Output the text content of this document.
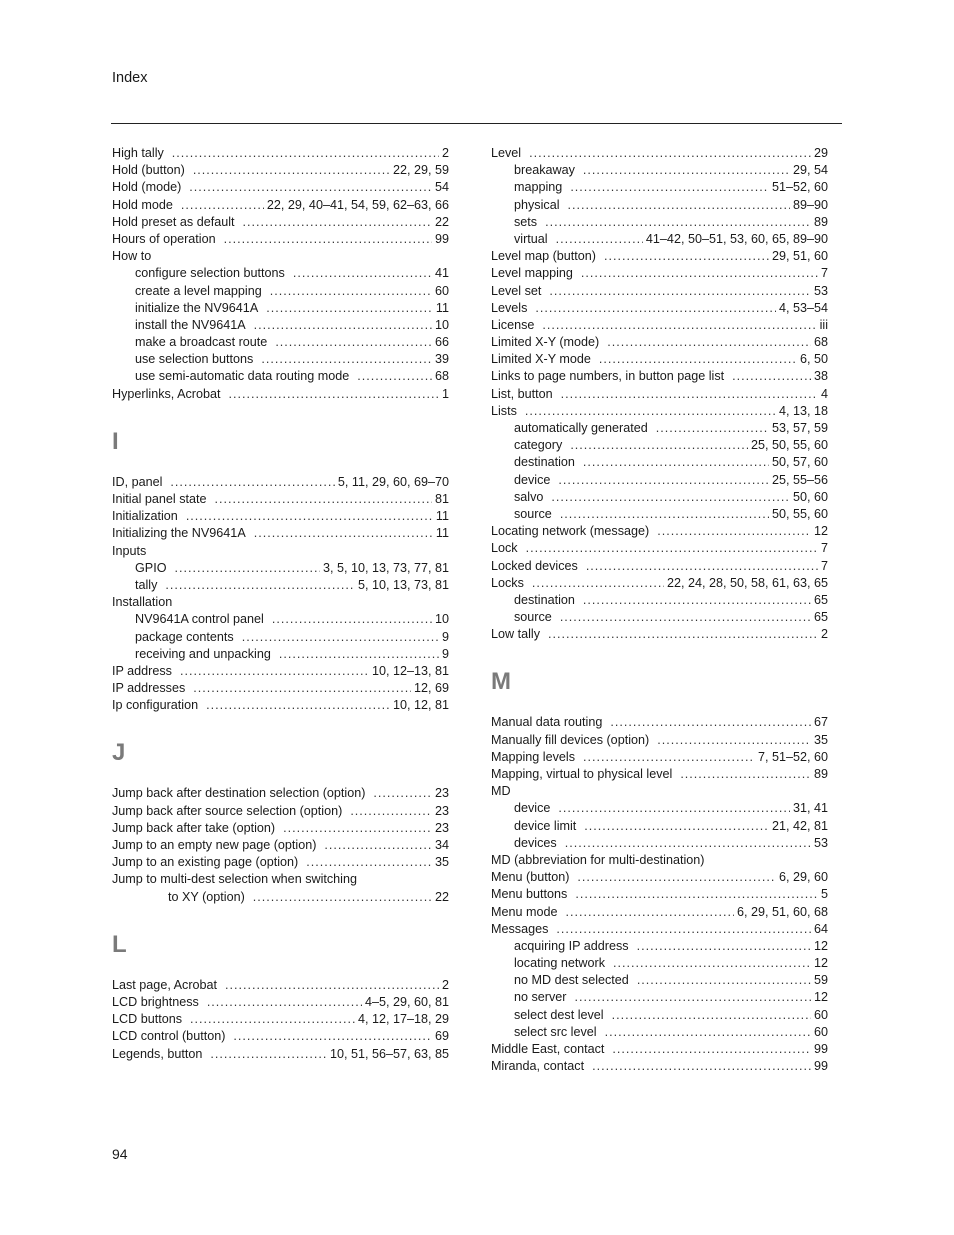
Index
High tally .....	2
Hold (button) .....	22, 29, 59
Hold (mode) .....	54
Hold mode .....	22, 29, 40–41, 54, 59, 62–63, 66
Hold preset as default .....	22
Hours of operation .....	99
How to
configure selection buttons .....	41
create a level mapping .....	60
initialize the NV9641A .....	11
install the NV9641A .....	10
make a broadcast route .....	66
use selection buttons .....	39
use semi-automatic data routing mode .....	68
Hyperlinks, Acrobat .....	1
I
ID, panel .....	5, 11, 29, 60, 69–70
Initial panel state .....	81
Initialization .....	11
Initializing the NV9641A .....	11
Inputs
GPIO .....	3, 5, 10, 13, 73, 77, 81
tally .....	5, 10, 13, 73, 81
Installation
NV9641A control panel .....	10
package contents .....	9
receiving and unpacking .....	9
IP address .....	10, 12–13, 81
IP addresses .....	12, 69
Ip configuration .....	10, 12, 81
J
Jump back after destination selection (option) .....	23
Jump back after source selection (option) .....	23
Jump back after take (option) .....	23
Jump to an empty new page (option) .....	34
Jump to an existing page (option) .....	35
Jump to multi-dest selection when switching
to XY (option) .....	22
L
Last page, Acrobat .....	2
LCD brightness .....	4–5, 29, 60, 81
LCD buttons .....	4, 12, 17–18, 29
LCD control (button) .....	69
Legends, button .....	10, 51, 56–57, 63, 85
Level .....	29
breakaway .....	29, 54
mapping .....	51–52, 60
physical .....	89–90
sets .....	89
virtual .....	41–42, 50–51, 53, 60, 65, 89–90
Level map (button) .....	29, 51, 60
Level mapping .....	7
Level set .....	53
Levels .....	4, 53–54
License .....	iii
Limited X-Y (mode) .....	68
Limited X-Y mode .....	6, 50
Links to page numbers, in button page list .....	38
List, button .....	4
Lists .....	4, 13, 18
automatically generated .....	53, 57, 59
category .....	25, 50, 55, 60
destination .....	50, 57, 60
device .....	25, 55–56
salvo .....	50, 60
source .....	50, 55, 60
Locating network (message) .....	12
Lock .....	7
Locked devices .....	7
Locks .....	22, 24, 28, 50, 58, 61, 63, 65
destination .....	65
source .....	65
Low tally .....	2
M
Manual data routing .....	67
Manually fill devices (option) .....	35
Mapping levels .....	7, 51–52, 60
Mapping, virtual to physical level .....	89
MD
device .....	31, 41
device limit .....	21, 42, 81
devices .....	53
MD (abbreviation for multi-destination)
Menu (button) .....	6, 29, 60
Menu buttons .....	5
Menu mode .....	6, 29, 51, 60, 68
Messages .....	64
acquiring IP address .....	12
locating network .....	12
no MD dest selected .....	59
no server .....	12
select dest level .....	60
select src level .....	60
Middle East, contact .....	99
Miranda, contact .....	99
94
